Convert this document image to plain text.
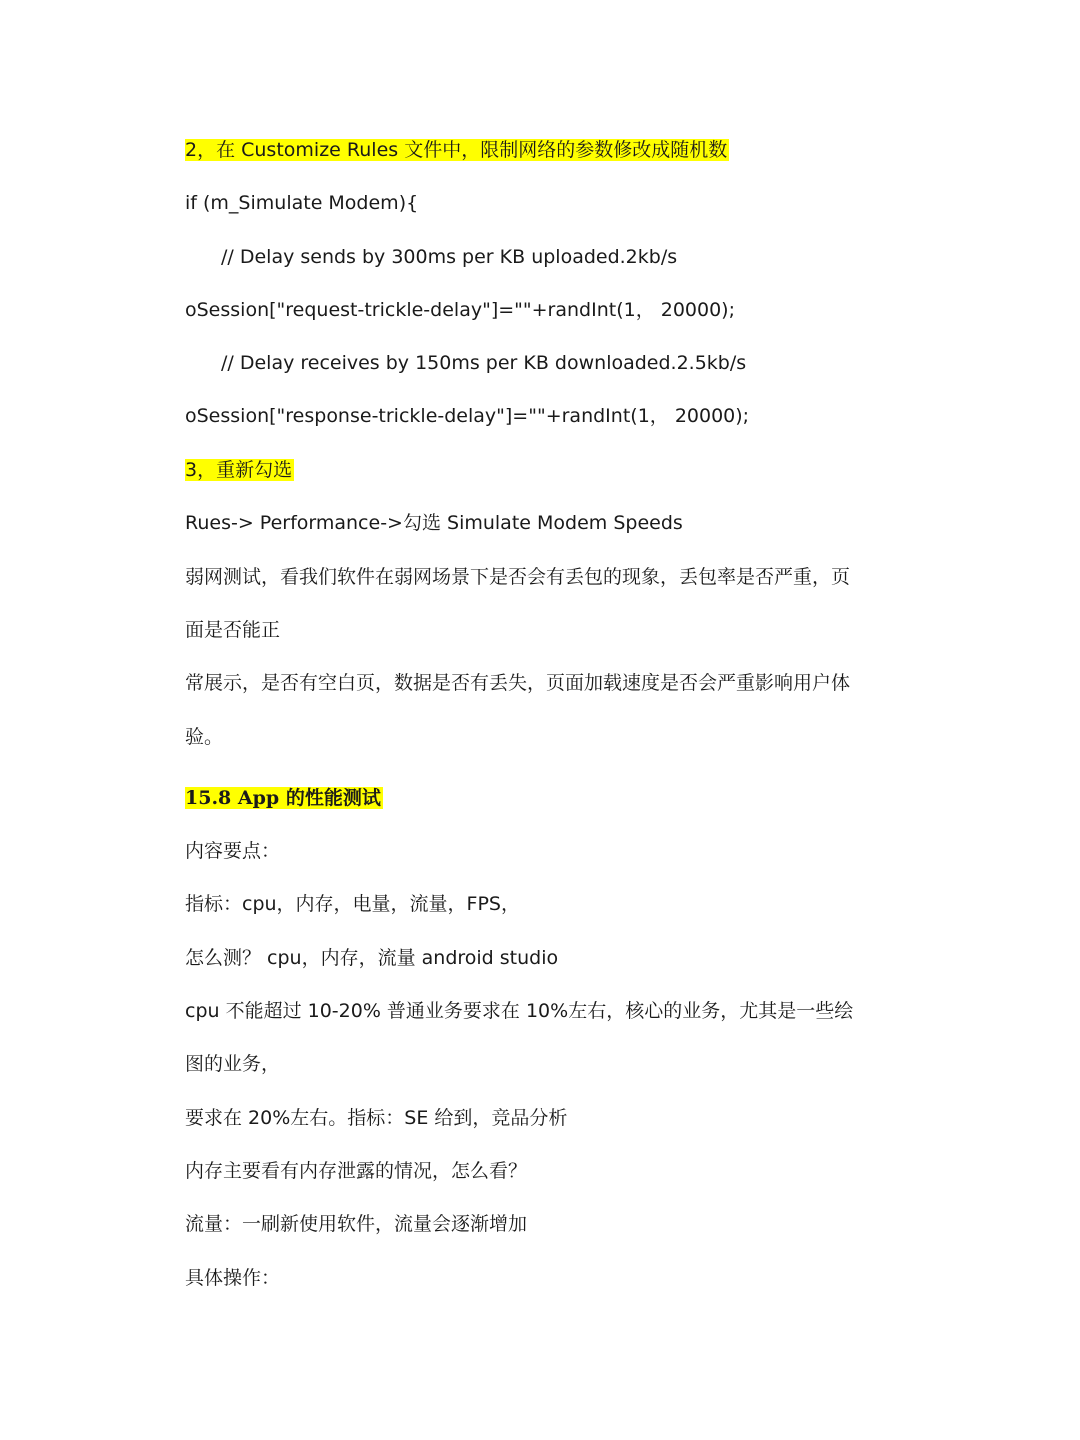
2，在 Customize Rules 文件中，限制网络的参数修改成随机数
if (m_Simulate Modem){
// Delay sends by 300ms per KB uploaded.2kb/s
oSession["request-trickle-delay"]=""+randInt(1， 20000);
// Delay receives by 150ms per KB downloaded.2.5kb/s
oSession["response-trickle-delay"]=""+randInt(1， 20000);
3，重新勾选
Rues-> Performance->勾选 Simulate Modem Speeds
弱网测试，看我们软件在弱网场景下是否会有丢包的现象，丢包率是否严重，页
面是否能正
常展示，是否有空白页，数据是否有丢失，页面加载速度是否会严重影响用户体
验。
15.8 App 的性能测试
内容要点：
指标：cpu，内存，电量，流量，FPS，
怎么测？ cpu，内存，流量 android studio
cpu 不能超过 10-20% 普通业务要求在 10%左右，核心的业务，尤其是一些绘
图的业务，
要求在 20%左右。指标：SE 给到，竞品分析
内存主要看有内存泄露的情况，怎么看？
流量：一刷新使用软件，流量会逐渐增加
具体操作：
